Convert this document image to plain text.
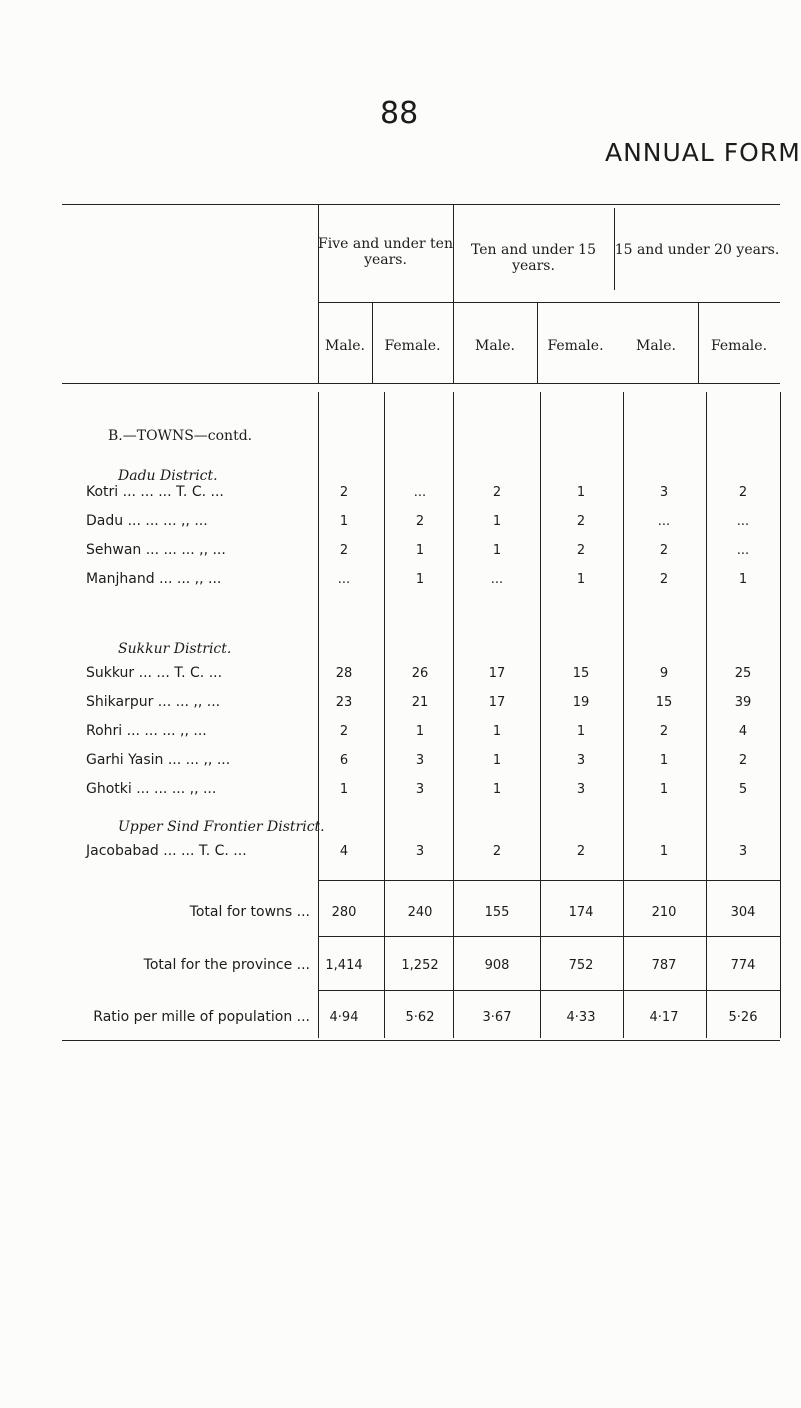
88
ANNUAL FORM
Five and under ten years.
Ten and under 15 years.
15 and under 20 years.
Male.	Female.	Male.	Female.	Male.	Female.
B.—TOWNS—contd.
Dadu District.
Kotri ... ... ... T. C. ...	2	...	2	1	3	2
Dadu ... ... ... ,, ...	1	2	1	2	...	...
Sehwan ... ... ... ,, ...	2	1	1	2	2	...
Manjhand ... ... ,, ...	...	1	...	1	2	1
Sukkur District.
Sukkur ... ... T. C. ...	28	26	17	15	9	25
Shikarpur ... ... ,, ...	23	21	17	19	15	39
Rohri ... ... ... ,, ...	2	1	1	1	2	4
Garhi Yasin ... ... ,, ...	6	3	1	3	1	2
Ghotki ... ... ... ,, ...	1	3	1	3	1	5
Upper Sind Frontier District.
Jacobabad ... ... T. C. ...	4	3	2	2	1	3
Total for towns ...	280	240	155	174	210	304
Total for the province ... 1,414	1,252	908	752	787	774
Ratio per mille of population ...	4·94	5·62	3·67	4·33	4·17	5·26
